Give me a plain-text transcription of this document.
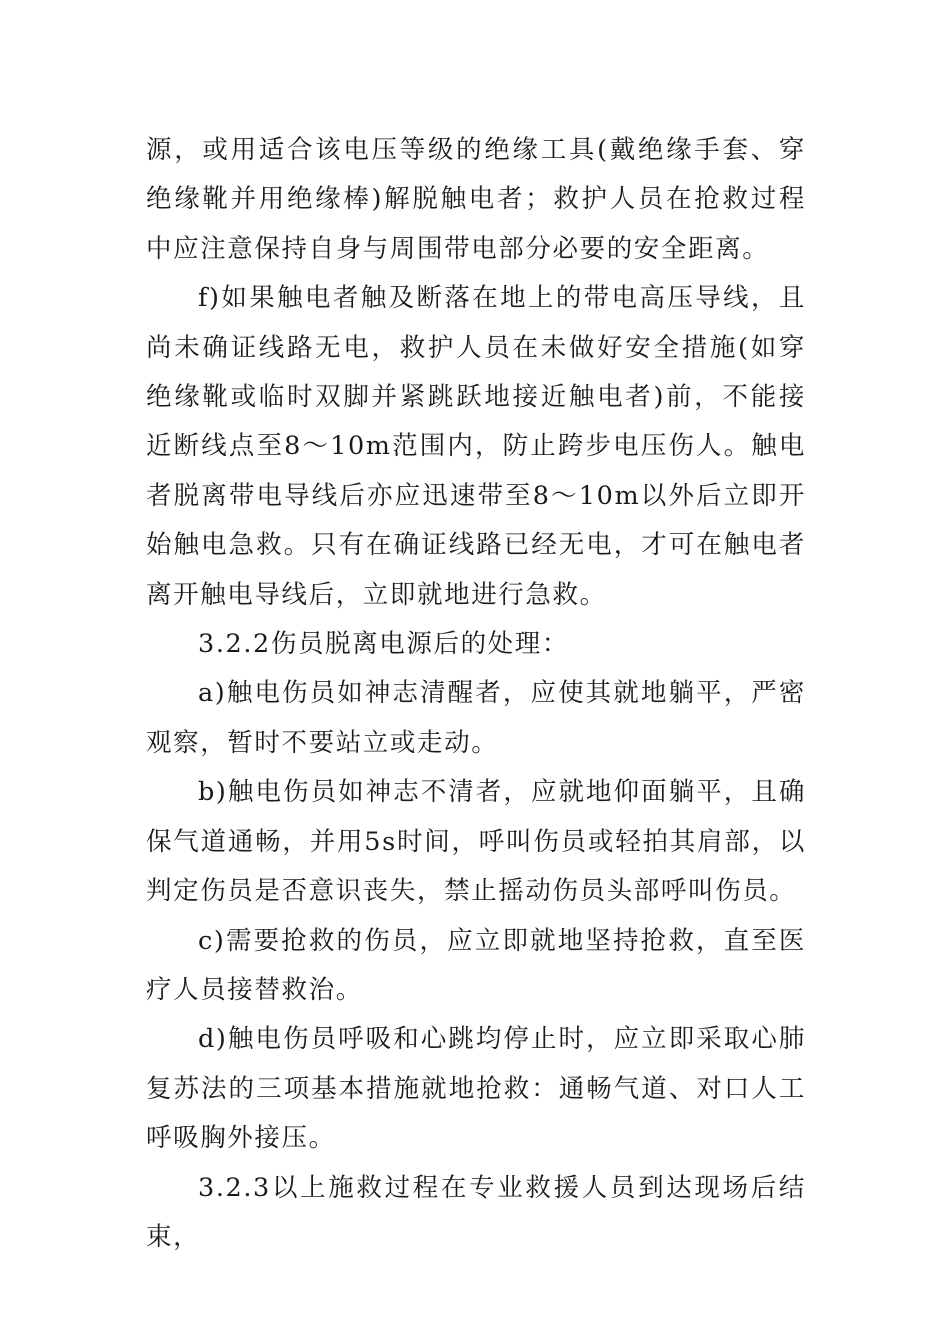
源，或用适合该电压等级的绝缘工具(戴绝缘手套、穿绝缘靴并用绝缘棒)解脱触电者；救护人员在抢救过程中应注意保持自身与周围带电部分必要的安全距离。

f)如果触电者触及断落在地上的带电高压导线，且尚未确证线路无电，救护人员在未做好安全措施(如穿绝缘靴或临时双脚并紧跳跃地接近触电者)前，不能接近断线点至8～10m范围内，防止跨步电压伤人。触电者脱离带电导线后亦应迅速带至8～10m以外后立即开始触电急救。只有在确证线路已经无电，才可在触电者离开触电导线后，立即就地进行急救。

3.2.2伤员脱离电源后的处理：

a)触电伤员如神志清醒者，应使其就地躺平，严密观察，暂时不要站立或走动。

b)触电伤员如神志不清者，应就地仰面躺平，且确保气道通畅，并用5s时间，呼叫伤员或轻拍其肩部，以判定伤员是否意识丧失，禁止摇动伤员头部呼叫伤员。

c)需要抢救的伤员，应立即就地坚持抢救，直至医疗人员接替救治。

d)触电伤员呼吸和心跳均停止时，应立即采取心肺复苏法的三项基本措施就地抢救：通畅气道、对口人工呼吸胸外接压。

3.2.3以上施救过程在专业救援人员到达现场后结束，
